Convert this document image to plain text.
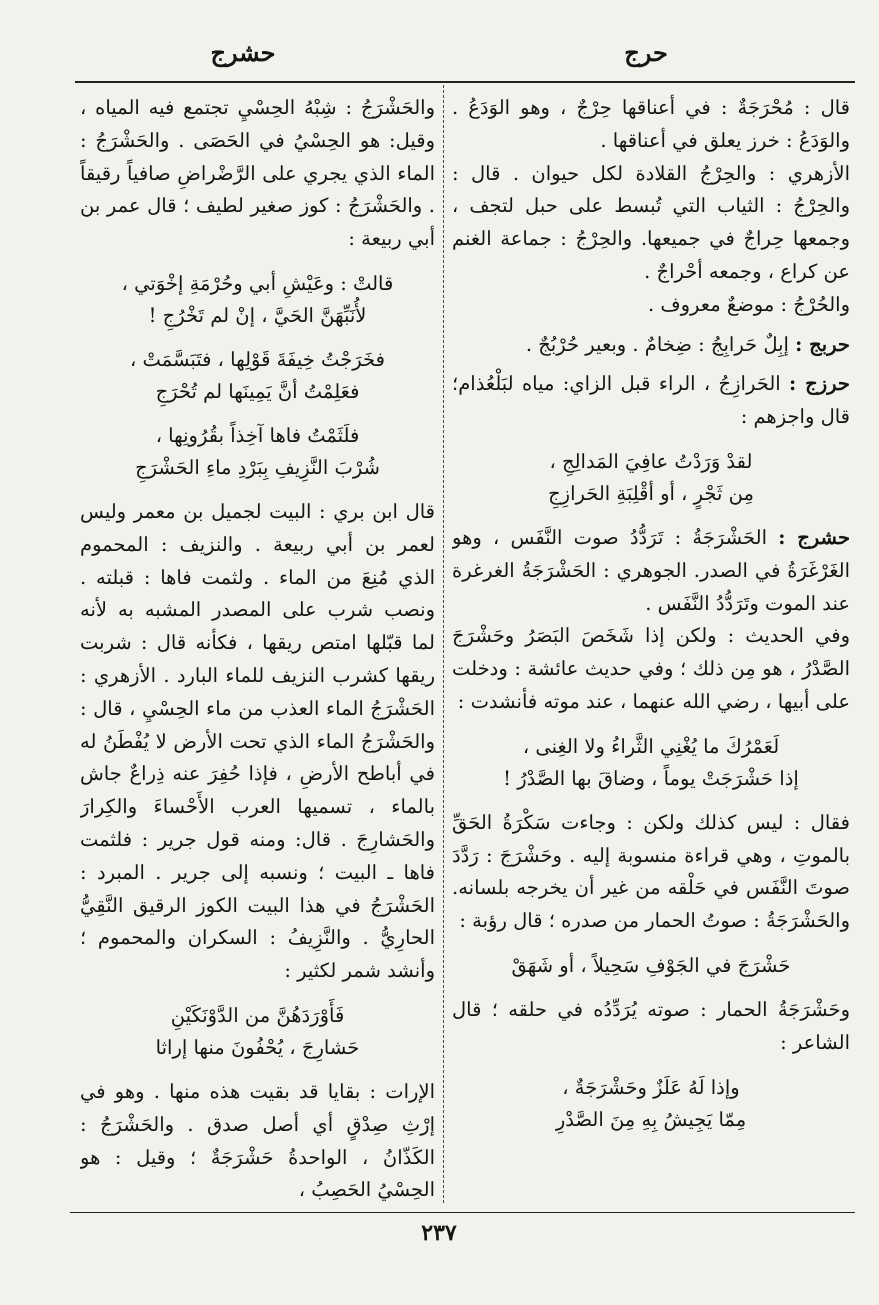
حرج
حشرج

قال : مُحْرَجَةٌ : في أعناقها حِرْجٌ ، وهو الوَدَعُ . والوَدَعُ : خرز يعلق في أعناقها .

الأزهري : والحِرْجُ القلادة لكل حيوان . قال : والحِرْجُ : الثياب التي تُبسط على حبل لتجف ، وجمعها حِراجٌ في جميعها. والحِرْجُ : جماعة الغنم عن كراع ، وجمعه أحْراجٌ .

والحُرْجُ : موضعٌ معروف .

حربج : إبِلٌ حَرابِجُ : ضِخامٌ . وبعير حُرْبُجٌ .

حرزج : الحَرازِجُ ، الراء قبل الزاي: مياه لبَلْعُذام؛ قال واجزهم :

لقدْ وَرَدْتُ عافِيَ المَدالِجِ ،
مِن ثَجْرٍ ، أو أقْلِبَةِ الحَرازِجِ

حشرج : الحَشْرَجَةُ : تَرَدُّدُ صوت النَّفَس ، وهو الغَرْغَرَةُ في الصدر. الجوهري : الحَشْرَجَةُ الغرغرة عند الموت وتَرَدُّدُ النَّفَس .

وفي الحديث : ولكن إذا شَخَصَ البَصَرُ وحَشْرَجَ الصَّدْرُ ، هو مِن ذلك ؛ وفي حديث عائشة : ودخلت على أبيها ، رضي الله عنهما ، عند موته فأنشدت :

لَعَمْرُكَ ما يُغْنِي الثَّراءُ ولا الغِنى ،
إذا حَشْرَجَتْ يوماً ، وضاقَ بها الصَّدْرُ !

فقال : ليس كذلك ولكن : وجاءت سَكْرَةُ الحَقِّ بالموتِ ، وهي قراءة منسوبة إليه . وحَشْرَجَ : رَدَّدَ صوتَ النَّفَس في حَلْقه من غير أن يخرجه بلسانه. والحَشْرَجَةُ : صوتُ الحمار من صدره ؛ قال رؤبة :

حَشْرَجَ في الجَوْفِ سَحِيلاً ، أو شَهَقْ

وحَشْرَجَةُ الحمار : صوته يُرَدِّدُه في حلقه ؛ قال الشاعر :

وإذا لَهُ عَلَزٌ وحَشْرَجَةٌ ،
مِمّا يَجِيشُ بِهِ مِنَ الصَّدْرِ

والحَشْرَجُ : شِبْهُ الحِسْيِ تجتمع فيه المياه ، وقيل: هو الحِسْيُ في الحَصَى . والحَشْرَجُ : الماء الذي يجري على الرَّضْراضِ صافياً رقيقاً . والحَشْرَجُ : كوز صغير لطيف ؛ قال عمر بن أبي ربيعة :

قالتْ : وعَيْشِ أبي وحُرْمَةِ إخْوَتي ،
لأُنَبِّهَنَّ الحَيَّ ، إنْ لم تَخْرُجِ !
فخَرَجْتُ خِيفَةَ قَوْلِها ، فتَبَسَّمَتْ ،
فعَلِمْتُ أنَّ يَمِينَها لم تُحْرَجِ
فلَثَمْتُ فاها آخِذاً بقُرُونِها ،
شُرْبَ النَّزِيفِ بِبَرْدِ ماءِ الحَشْرَجِ

قال ابن بري : البيت لجميل بن معمر وليس لعمر بن أبي ربيعة . والنزيف : المحموم الذي مُنِعَ من الماء . ولثمت فاها : قبلته . ونصب شرب على المصدر المشبه به لأنه لما قبّلها امتص ريقها ، فكأنه قال : شربت ريقها كشرب النزيف للماء البارد . الأزهري : الحَشْرَجُ الماء العذب من ماء الحِسْيِ ، قال : والحَشْرَجُ الماء الذي تحت الأرض لا يُفْطَنُ له في أباطح الأرضِ ، فإذا حُفِرَ عنه ذِراعٌ جاش بالماء ، تسميها العرب الأَحْساءَ والكِرارَ والحَشارِجَ . قال: ومنه قول جرير : فلثمت فاها ـ البيت ؛ ونسبه إلى جرير . المبرد : الحَشْرَجُ في هذا البيت الكوز الرقيق النَّقِيُّ الحارِيُّ . والنَّزِيفُ : السكران والمحموم ؛ وأنشد شمر لكثير :

فَأَوْرَدَهُنَّ من الدَّوْنَكَيْنِ
حَشارِجَ ، يُحْفُونَ منها إراثا

الإرات : بقايا قد بقيت هذه منها . وهو في إرْثِ صِدْقٍ أي أصل صدق . والحَشْرَجُ : الكَذّانُ ، الواحدةُ حَشْرَجَةٌ ؛ وقيل : هو الحِسْيُ الحَصِبُ ،

٢٣٧
